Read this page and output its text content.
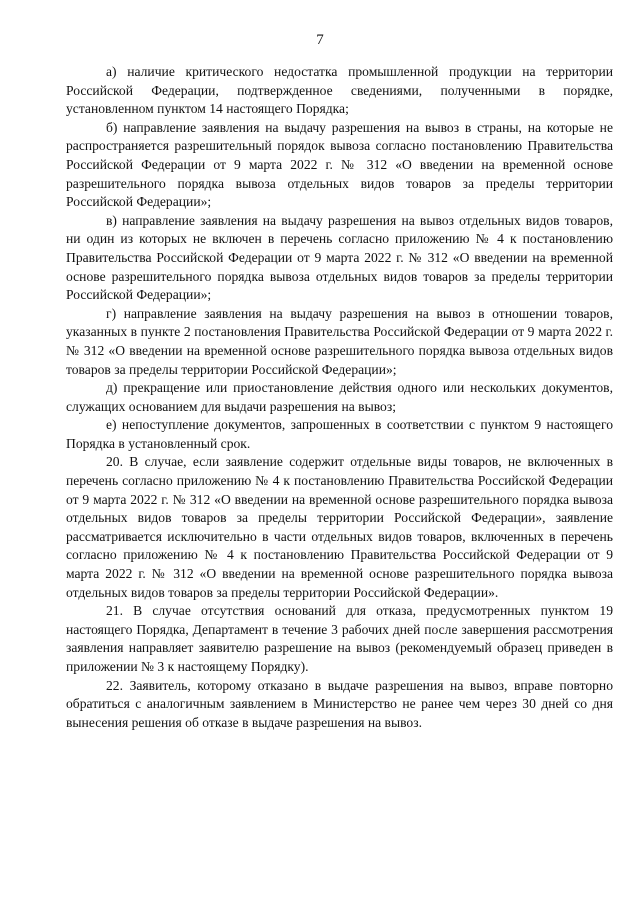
7

а) наличие критического недостатка промышленной продукции на территории Российской Федерации, подтвержденное сведениями, полученными в порядке, установленном пунктом 14 настоящего Порядка;

б) направление заявления на выдачу разрешения на вывоз в страны, на которые не распространяется разрешительный порядок вывоза согласно постановлению Правительства Российской Федерации от 9 марта 2022 г. № 312 «О введении на временной основе разрешительного порядка вывоза отдельных видов товаров за пределы территории Российской Федерации»;

в) направление заявления на выдачу разрешения на вывоз отдельных видов товаров, ни один из которых не включен в перечень согласно приложению № 4 к постановлению Правительства Российской Федерации от 9 марта 2022 г. № 312 «О введении на временной основе разрешительного порядка вывоза отдельных видов товаров за пределы территории Российской Федерации»;

г) направление заявления на выдачу разрешения на вывоз в отношении товаров, указанных в пункте 2 постановления Правительства Российской Федерации от 9 марта 2022 г. № 312 «О введении на временной основе разрешительного порядка вывоза отдельных видов товаров за пределы территории Российской Федерации»;

д) прекращение или приостановление действия одного или нескольких документов, служащих основанием для выдачи разрешения на вывоз;

е) непоступление документов, запрошенных в соответствии с пунктом 9 настоящего Порядка в установленный срок.

20. В случае, если заявление содержит отдельные виды товаров, не включенных в перечень согласно приложению № 4 к постановлению Правительства Российской Федерации от 9 марта 2022 г. № 312 «О введении на временной основе разрешительного порядка вывоза отдельных видов товаров за пределы территории Российской Федерации», заявление рассматривается исключительно в части отдельных видов товаров, включенных в перечень согласно приложению № 4 к постановлению Правительства Российской Федерации от 9 марта 2022 г. № 312 «О введении на временной основе разрешительного порядка вывоза отдельных видов товаров за пределы территории Российской Федерации».

21. В случае отсутствия оснований для отказа, предусмотренных пунктом 19 настоящего Порядка, Департамент в течение 3 рабочих дней после завершения рассмотрения заявления направляет заявителю разрешение на вывоз (рекомендуемый образец приведен в приложении № 3 к настоящему Порядку).

22. Заявитель, которому отказано в выдаче разрешения на вывоз, вправе повторно обратиться с аналогичным заявлением в Министерство не ранее чем через 30 дней со дня вынесения решения об отказе в выдаче разрешения на вывоз.
